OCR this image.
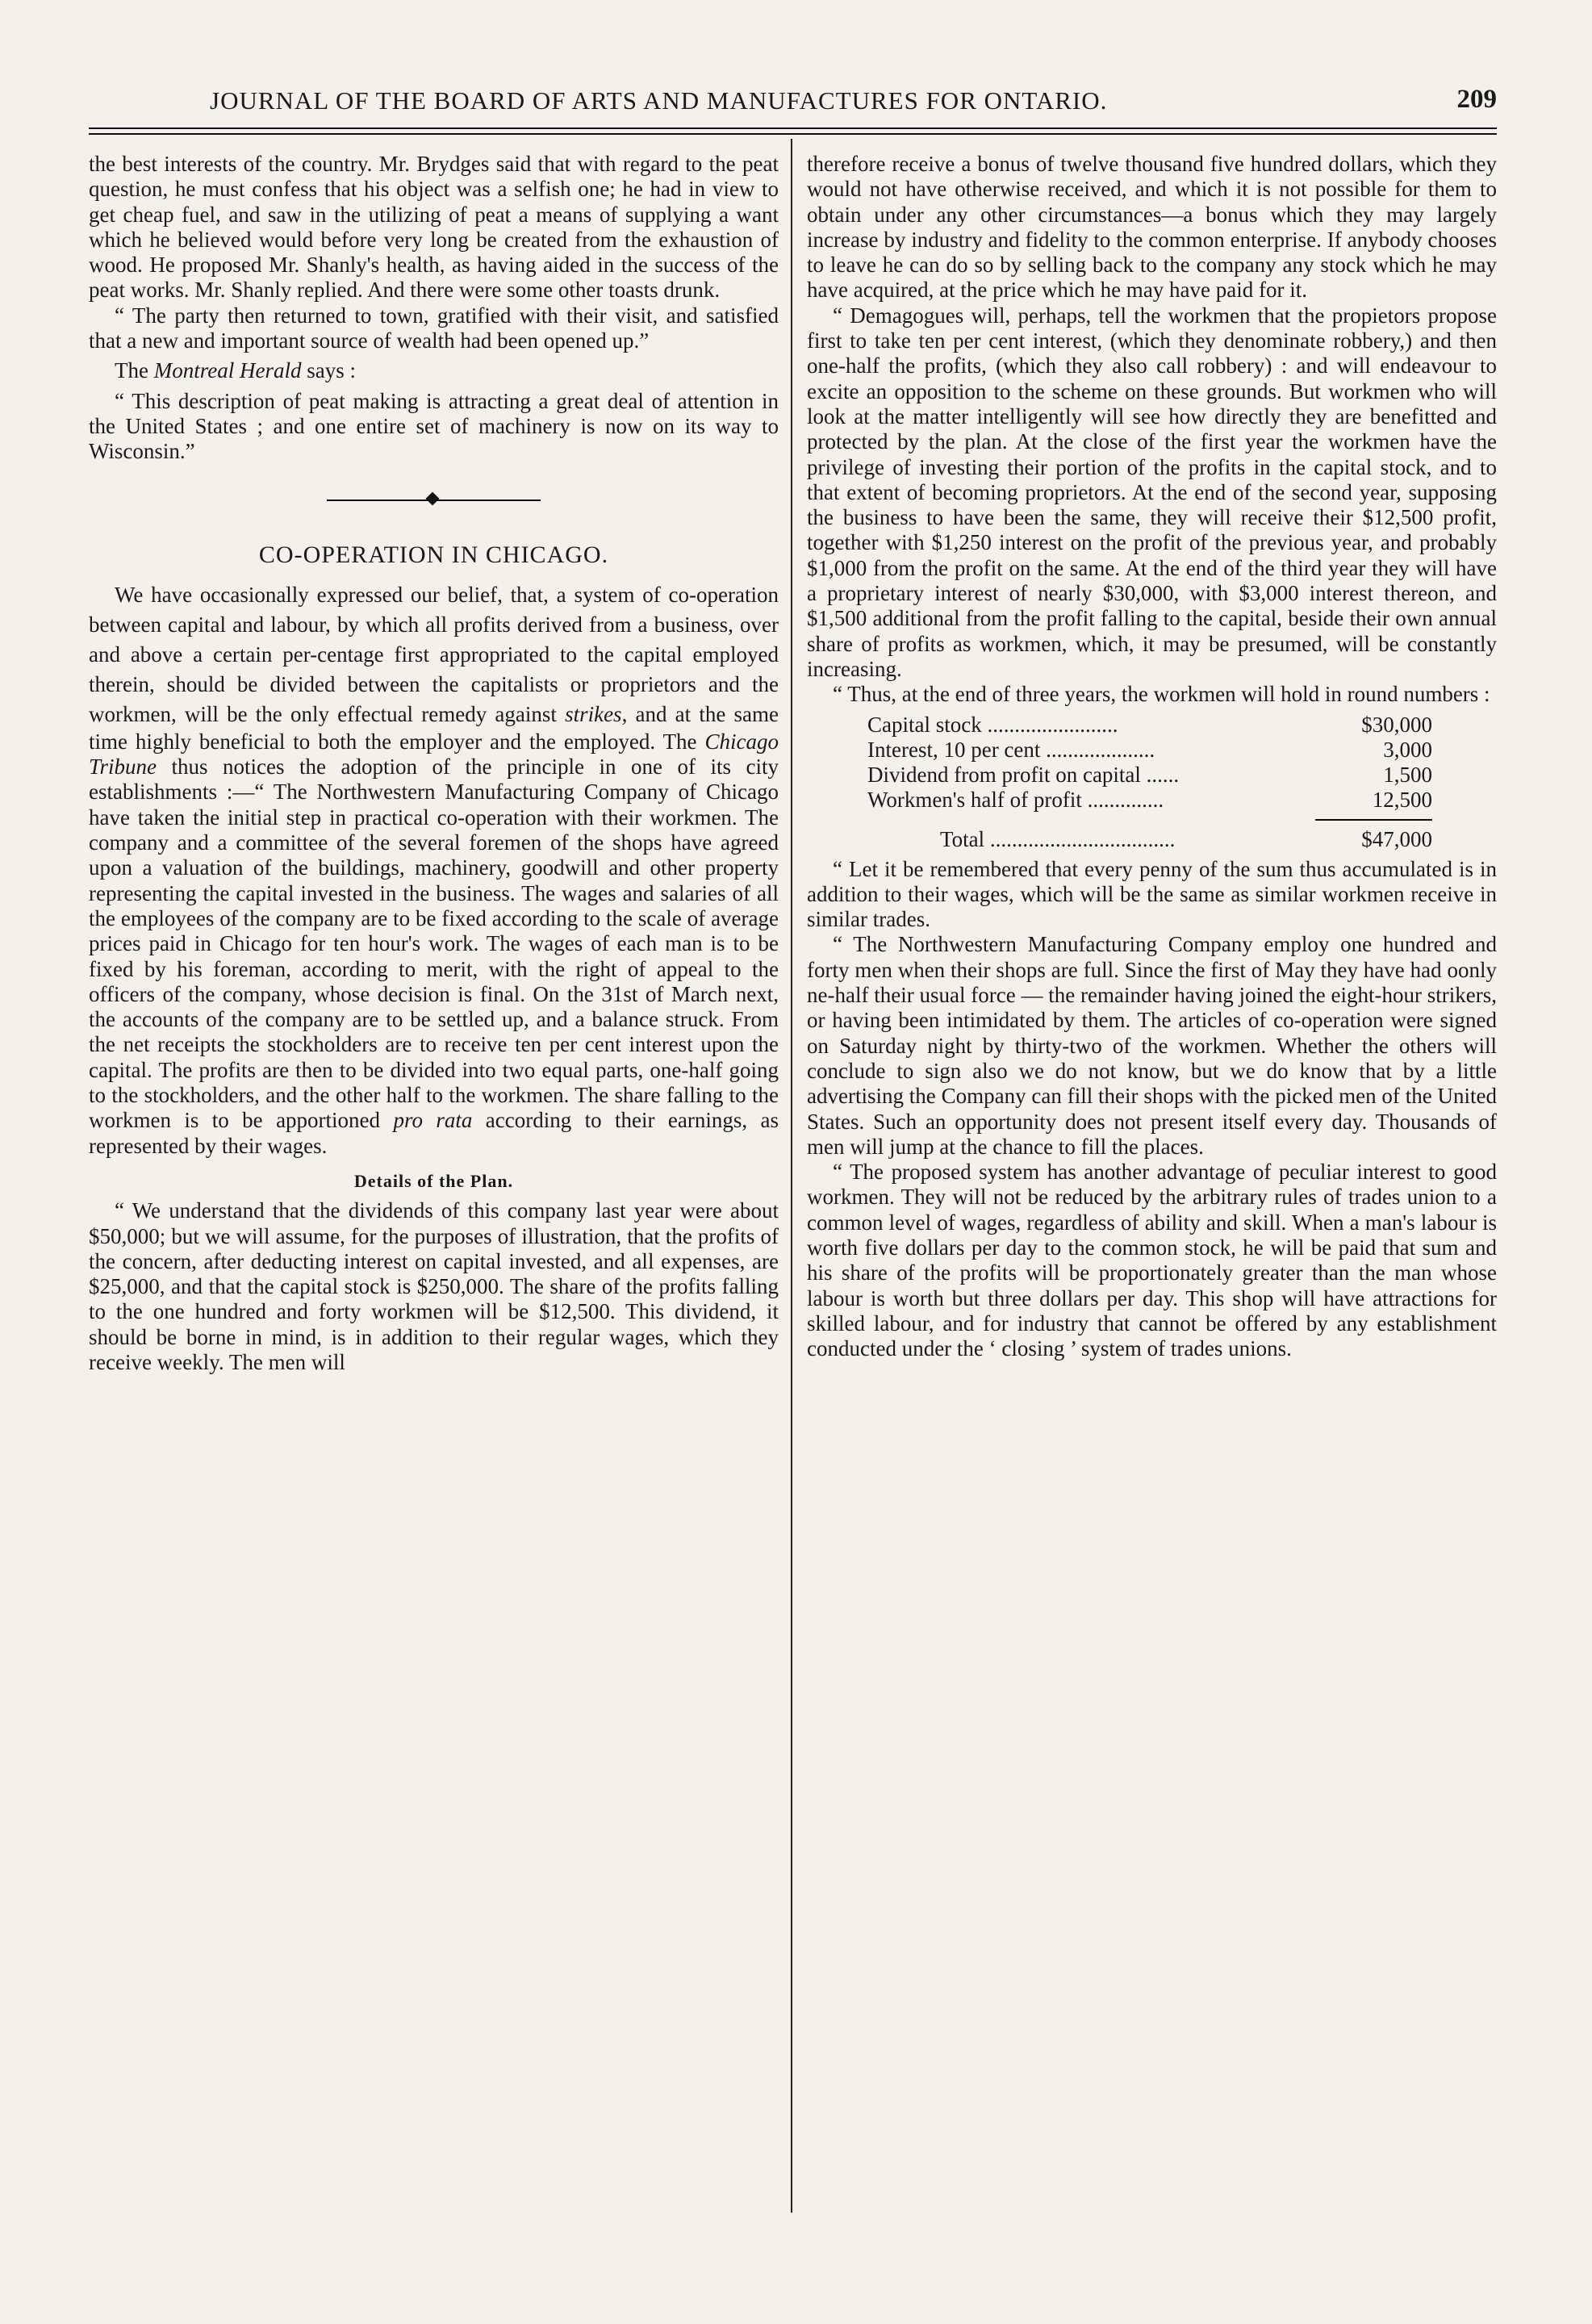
JOURNAL OF THE BOARD OF ARTS AND MANUFACTURES FOR ONTARIO.	209

the best interests of the country. Mr. Brydges said that with regard to the peat question, he must confess that his object was a selfish one; he had in view to get cheap fuel, and saw in the utilizing of peat a means of supplying a want which he believed would before very long be created from the exhaustion of wood. He proposed Mr. Shanly's health, as having aided in the success of the peat works. Mr. Shanly replied. And there were some other toasts drunk.

“ The party then returned to town, gratified with their visit, and satisfied that a new and important source of wealth had been opened up.”

The Montreal Herald says :

“ This description of peat making is attracting a great deal of attention in the United States ; and one entire set of machinery is now on its way to Wisconsin.”

CO-OPERATION IN CHICAGO.

We have occasionally expressed our belief, that, a system of co-operation between capital and labour, by which all profits derived from a business, over and above a certain per-centage first appropriated to the capital employed therein, should be divided between the capitalists or proprietors and the workmen, will be the only effectual remedy against strikes, and at the same time highly beneficial to both the employer and the employed. The Chicago Tribune thus notices the adoption of the principle in one of its city establishments :—“ The Northwestern Manufacturing Company of Chicago have taken the initial step in practical co-operation with their workmen. The company and a committee of the several foremen of the shops have agreed upon a valuation of the buildings, machinery, goodwill and other property representing the capital invested in the business. The wages and salaries of all the employees of the company are to be fixed according to the scale of average prices paid in Chicago for ten hour's work. The wages of each man is to be fixed by his foreman, according to merit, with the right of appeal to the officers of the company, whose decision is final. On the 31st of March next, the accounts of the company are to be settled up, and a balance struck. From the net receipts the stockholders are to receive ten per cent interest upon the capital. The profits are then to be divided into two equal parts, one-half going to the stockholders, and the other half to the workmen. The share falling to the workmen is to be apportioned pro rata according to their earnings, as represented by their wages.

Details of the Plan.

“ We understand that the dividends of this company last year were about $50,000; but we will assume, for the purposes of illustration, that the profits of the concern, after deducting interest on capital invested, and all expenses, are $25,000, and that the capital stock is $250,000. The share of the profits falling to the one hundred and forty workmen will be $12,500. This dividend, it should be borne in mind, is in addition to their regular wages, which they receive weekly. The men will

therefore receive a bonus of twelve thousand five hundred dollars, which they would not have otherwise received, and which it is not possible for them to obtain under any other circumstances—a bonus which they may largely increase by industry and fidelity to the common enterprise. If anybody chooses to leave he can do so by selling back to the company any stock which he may have acquired, at the price which he may have paid for it.

“ Demagogues will, perhaps, tell the workmen that the propietors propose first to take ten per cent interest, (which they denominate robbery,) and then one-half the profits, (which they also call robbery) : and will endeavour to excite an opposition to the scheme on these grounds. But workmen who will look at the matter intelligently will see how directly they are benefitted and protected by the plan. At the close of the first year the workmen have the privilege of investing their portion of the profits in the capital stock, and to that extent of becoming proprietors. At the end of the second year, supposing the business to have been the same, they will receive their $12,500 profit, together with $1,250 interest on the profit of the previous year, and probably $1,000 from the profit on the same. At the end of the third year they will have a proprietary interest of nearly $30,000, with $3,000 interest thereon, and $1,500 additional from the profit falling to the capital, beside their own annual share of profits as workmen, which, it may be presumed, will be constantly increasing.

“ Thus, at the end of three years, the workmen will hold in round numbers :

Capital stock ........................	$30,000
Interest, 10 per cent ....................	3,000
Dividend from profit on capital ......	1,500
Workmen's half of profit ..............	12,500
Total ..................................	$47,000

“ Let it be remembered that every penny of the sum thus accumulated is in addition to their wages, which will be the same as similar workmen receive in similar trades.

“ The Northwestern Manufacturing Company employ one hundred and forty men when their shops are full. Since the first of May they have had oonly ne-half their usual force — the remainder having joined the eight-hour strikers, or having been intimidated by them. The articles of co-operation were signed on Saturday night by thirty-two of the workmen. Whether the others will conclude to sign also we do not know, but we do know that by a little advertising the Company can fill their shops with the picked men of the United States. Such an opportunity does not present itself every day. Thousands of men will jump at the chance to fill the places.

“ The proposed system has another advantage of peculiar interest to good workmen. They will not be reduced by the arbitrary rules of trades union to a common level of wages, regardless of ability and skill. When a man's labour is worth five dollars per day to the common stock, he will be paid that sum and his share of the profits will be proportionately greater than the man whose labour is worth but three dollars per day. This shop will have attractions for skilled labour, and for industry that cannot be offered by any establishment conducted under the ‘ closing ’ system of trades unions.
